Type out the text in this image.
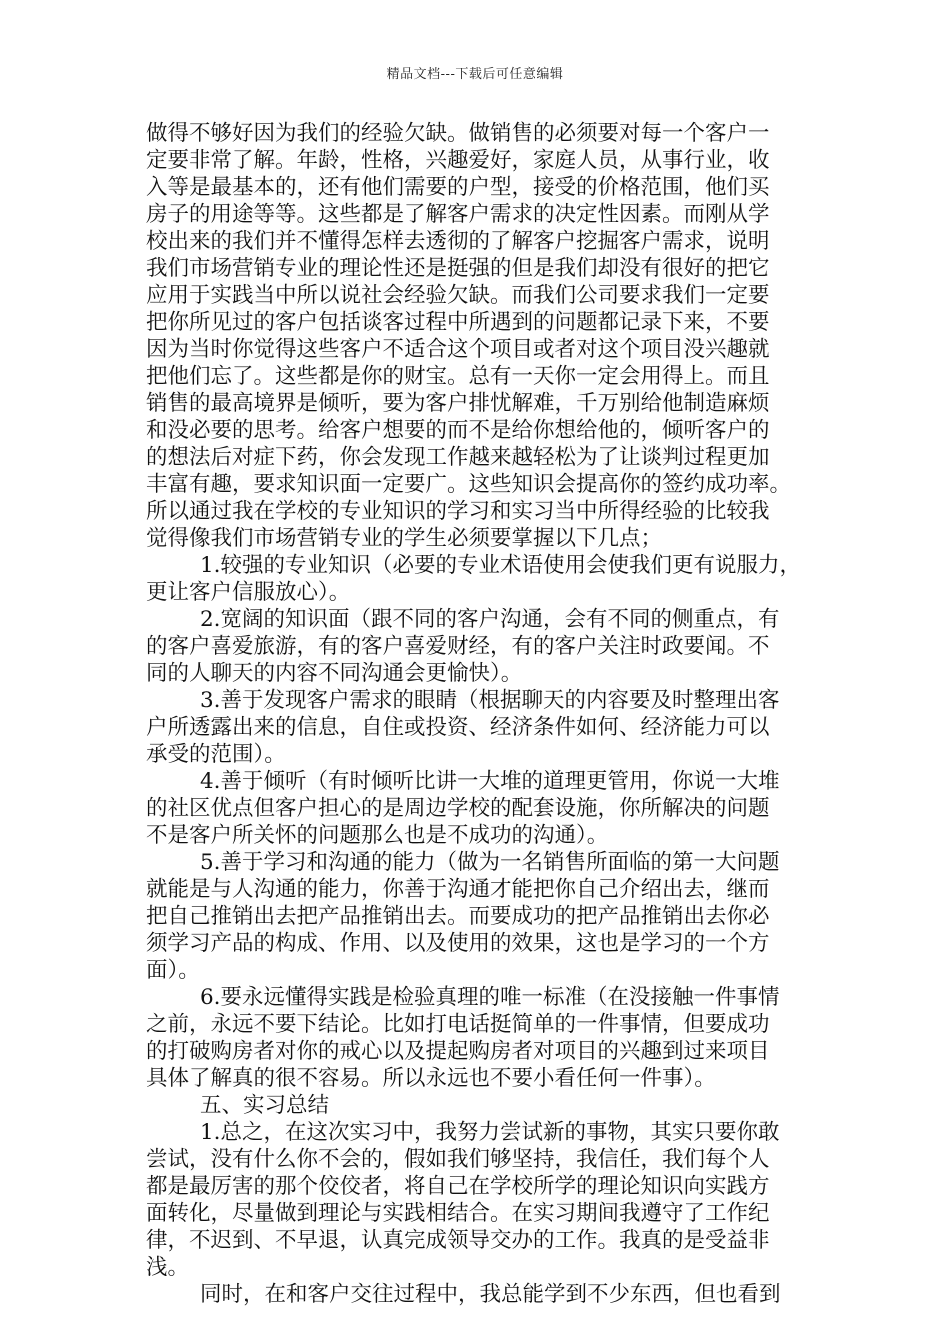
精品文档---下载后可任意编辑
做得不够好因为我们的经验欠缺。做销售的必须要对每一个客户一
定要非常了解。年龄，性格，兴趣爱好，家庭人员，从事行业，收
入等是最基本的，还有他们需要的户型，接受的价格范围，他们买
房子的用途等等。这些都是了解客户需求的决定性因素。而刚从学
校出来的我们并不懂得怎样去透彻的了解客户挖掘客户需求，说明
我们市场营销专业的理论性还是挺强的但是我们却没有很好的把它
应用于实践当中所以说社会经验欠缺。而我们公司要求我们一定要
把你所见过的客户包括谈客过程中所遇到的问题都记录下来，不要
因为当时你觉得这些客户不适合这个项目或者对这个项目没兴趣就
把他们忘了。这些都是你的财宝。总有一天你一定会用得上。而且
销售的最高境界是倾听，要为客户排忧解难，千万别给他制造麻烦
和没必要的思考。给客户想要的而不是给你想给他的，倾听客户的
的想法后对症下药，你会发现工作越来越轻松为了让谈判过程更加
丰富有趣，要求知识面一定要广。这些知识会提高你的签约成功率。
所以通过我在学校的专业知识的学习和实习当中所得经验的比较我
觉得像我们市场营销专业的学生必须要掌握以下几点；
1.较强的专业知识（必要的专业术语使用会使我们更有说服力，
更让客户信服放心）。
2.宽阔的知识面（跟不同的客户沟通，会有不同的侧重点，有
的客户喜爱旅游，有的客户喜爱财经，有的客户关注时政要闻。不
同的人聊天的内容不同沟通会更愉快）。
3.善于发现客户需求的眼睛（根据聊天的内容要及时整理出客
户所透露出来的信息，自住或投资、经济条件如何、经济能力可以
承受的范围）。
4.善于倾听（有时倾听比讲一大堆的道理更管用，你说一大堆
的社区优点但客户担心的是周边学校的配套设施，你所解决的问题
不是客户所关怀的问题那么也是不成功的沟通）。
5.善于学习和沟通的能力（做为一名销售所面临的第一大问题
就能是与人沟通的能力，你善于沟通才能把你自己介绍出去，继而
把自己推销出去把产品推销出去。而要成功的把产品推销出去你必
须学习产品的构成、作用、以及使用的效果，这也是学习的一个方
面）。
6.要永远懂得实践是检验真理的唯一标准（在没接触一件事情
之前，永远不要下结论。比如打电话挺简单的一件事情，但要成功
的打破购房者对你的戒心以及提起购房者对项目的兴趣到过来项目
具体了解真的很不容易。所以永远也不要小看任何一件事）。
五、实习总结
1.总之，在这次实习中，我努力尝试新的事物，其实只要你敢
尝试，没有什么你不会的，假如我们够坚持，我信任，我们每个人
都是最厉害的那个佼佼者，将自己在学校所学的理论知识向实践方
面转化，尽量做到理论与实践相结合。在实习期间我遵守了工作纪
律，不迟到、不早退，认真完成领导交办的工作。我真的是受益非
浅。
同时，在和客户交往过程中，我总能学到不少东西，但也看到
